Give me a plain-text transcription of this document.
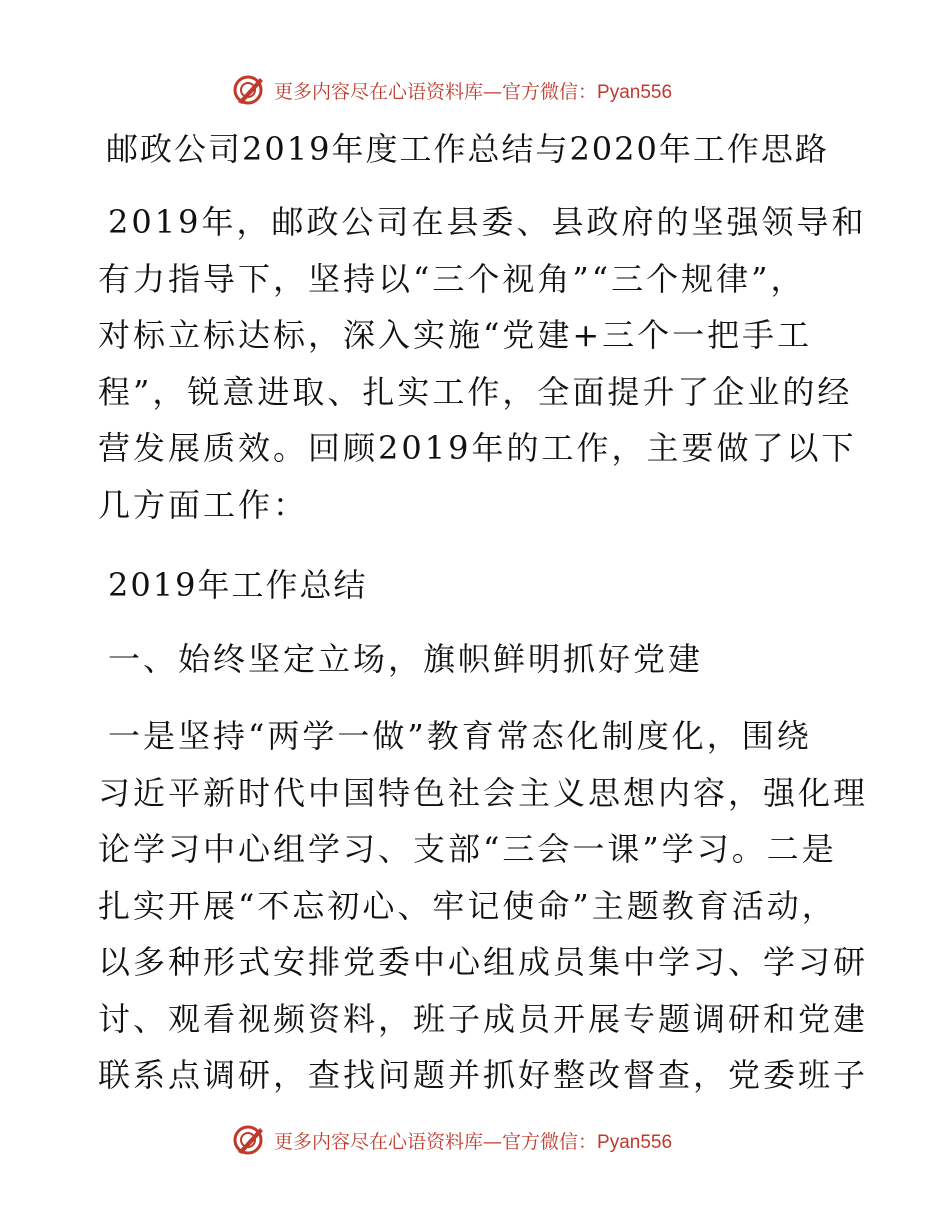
更多内容尽在心语资料库—官方微信：Pyan556
邮政公司2019年度工作总结与2020年工作思路
2019年，邮政公司在县委、县政府的坚强领导和
有力指导下，坚持以“三个视角”“三个规律”，
对标立标达标，深入实施“党建+三个一把手工
程”，锐意进取、扎实工作，全面提升了企业的经
营发展质效。回顾2019年的工作，主要做了以下
几方面工作：
2019年工作总结
一、始终坚定立场，旗帜鲜明抓好党建
一是坚持“两学一做”教育常态化制度化，围绕
习近平新时代中国特色社会主义思想内容，强化理
论学习中心组学习、支部“三会一课”学习。二是
扎实开展“不忘初心、牢记使命”主题教育活动，
以多种形式安排党委中心组成员集中学习、学习研
讨、观看视频资料，班子成员开展专题调研和党建
联系点调研，查找问题并抓好整改督查，党委班子
更多内容尽在心语资料库—官方微信：Pyan556
